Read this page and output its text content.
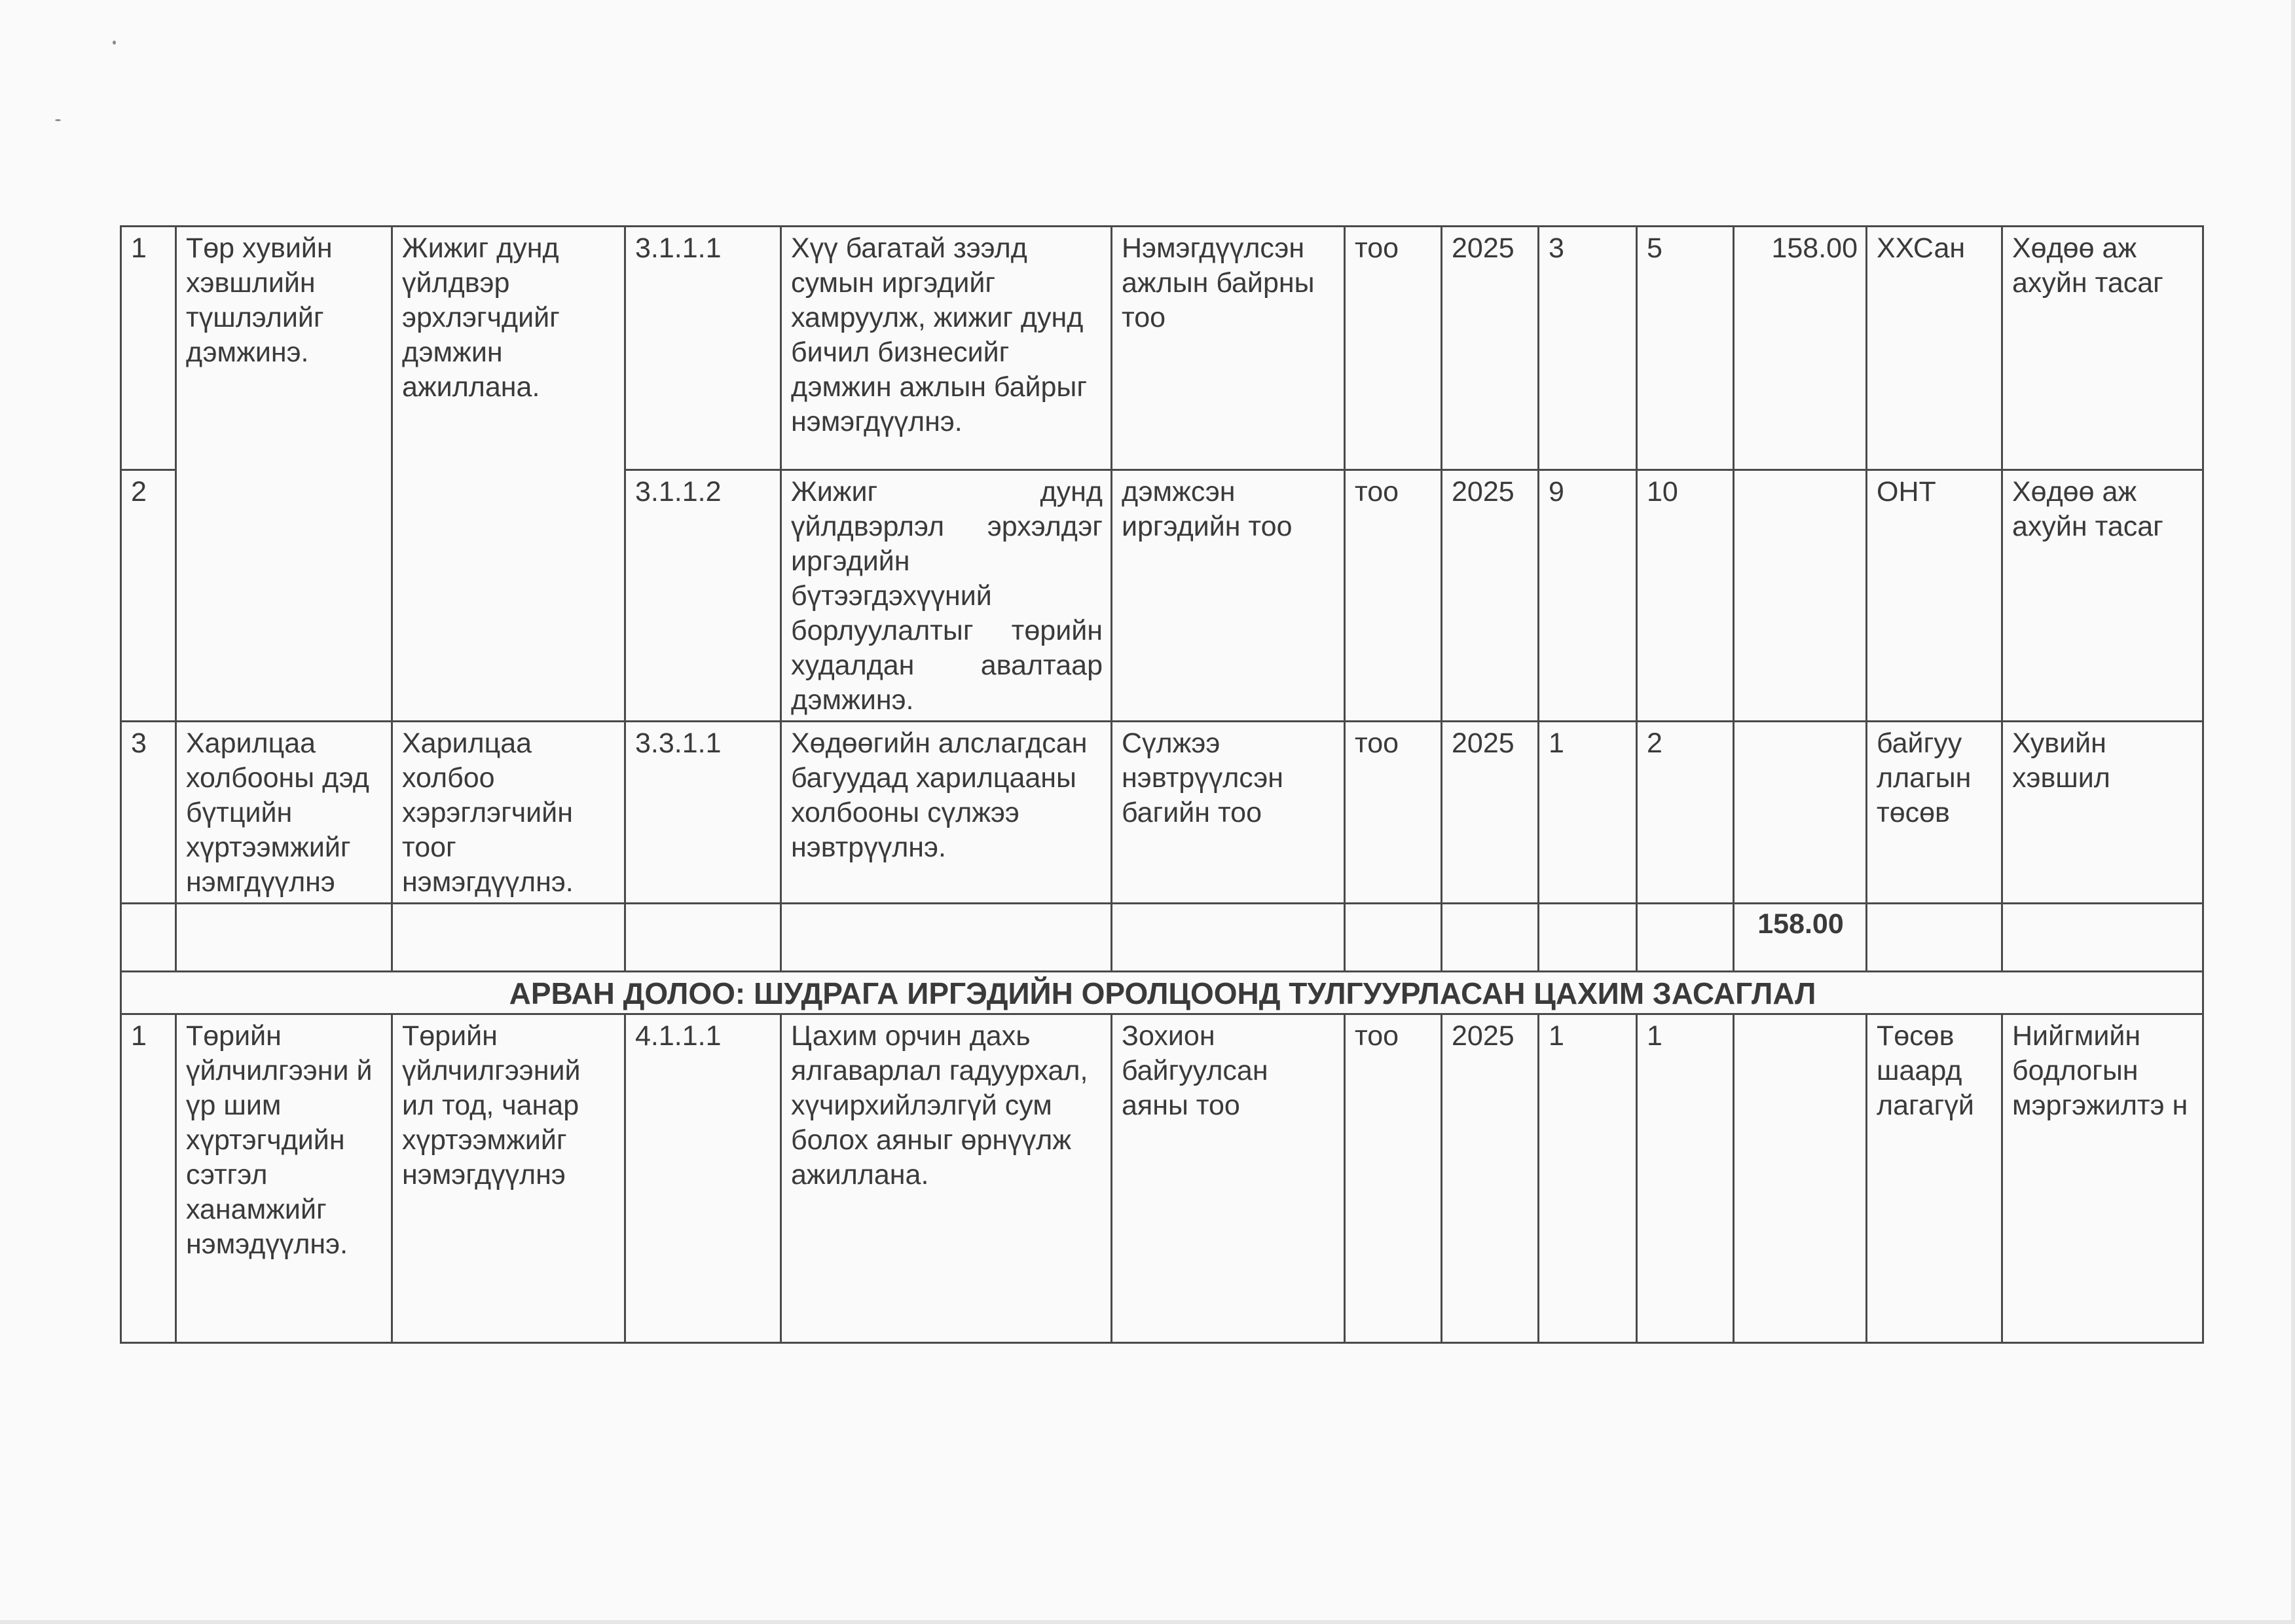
1	Төр хувийн хэвшлийн түшлэлийг дэмжинэ.	Жижиг дунд үйлдвэр эрхлэгчдийг дэмжин ажиллана.	3.1.1.1	Хүү багатай зээлд сумын иргэдийг хамруулж, жижиг дунд бичил бизнесийг дэмжин ажлын байрыг нэмэгдүүлнэ.	Нэмэгдүүлсэн ажлын байрны тоо	тоо	2025	3	5	158.00	ХХСан	Хөдөө аж ахуйн тасаг
2			3.1.1.2	Жижиг дунд үйлдвэрлэл эрхэлдэг иргэдийн бүтээгдэхүүний борлуулалтыг төрийн худалдан авалтаар дэмжинэ.	дэмжсэн иргэдийн тоо	тоо	2025	9	10		ОНТ	Хөдөө аж ахуйн тасаг
3	Харилцаа холбооны дэд бүтцийн хүртээмжийг нэмгдүүлнэ	Харилцаа холбоо хэрэглэгчийн тоог нэмэгдүүлнэ.	3.3.1.1	Хөдөөгийн алслагдсан багуудад харилцааны холбооны сүлжээ нэвтрүүлнэ.	Сүлжээ нэвтрүүлсэн багийн тоо	тоо	2025	1	2		байгуу ллагын төсөв	Хувийн хэвшил
										158.00		
АРВАН ДОЛОО: ШУДРАГА ИРГЭДИЙН ОРОЛЦООНД ТУЛГУУРЛАСАН ЦАХИМ ЗАСАГЛАЛ												
1	Төрийн үйлчилгээни й үр шим хүртэгчдийн сэтгэл ханамжийг нэмэдүүлнэ.	Төрийн үйлчилгээний ил тод, чанар хүртээмжийг нэмэгдүүлнэ	4.1.1.1	Цахим орчин дахь ялгаварлал гадуурхал, хүчирхийлэлгүй сум болох аяныг өрнүүлж ажиллана.	Зохион байгуулсан аяны тоо	тоо	2025	1	1		Төсөв шаард лагагүй	Нийгмийн бодлогын мэргэжилтэ н
